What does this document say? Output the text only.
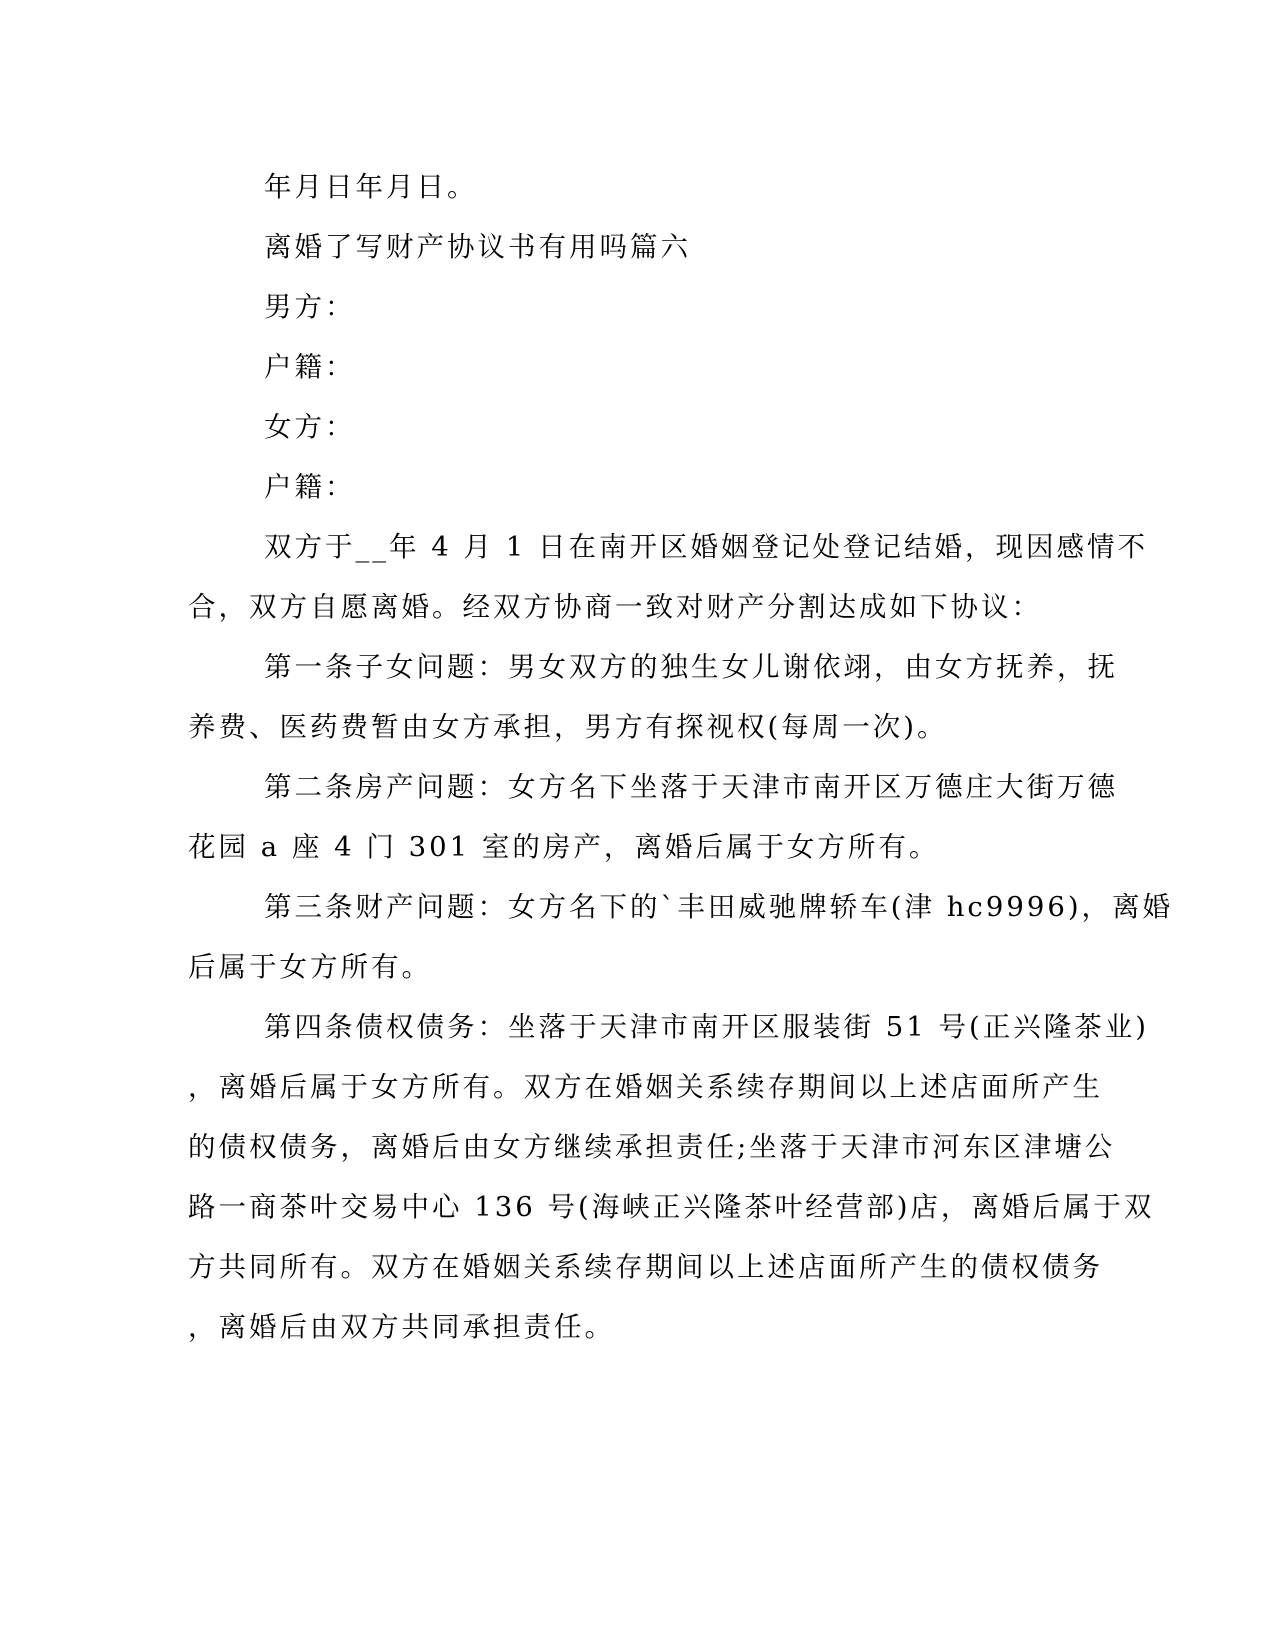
年月日年月日。
离婚了写财产协议书有用吗篇六
男方：
户籍：
女方：
户籍：
双方于__年 4 月 1 日在南开区婚姻登记处登记结婚，现因感情不
合，双方自愿离婚。经双方协商一致对财产分割达成如下协议：
第一条子女问题：男女双方的独生女儿谢依翊，由女方抚养，抚
养费、医药费暂由女方承担，男方有探视权(每周一次)。
第二条房产问题：女方名下坐落于天津市南开区万德庄大街万德
花园 a 座 4 门 301 室的房产，离婚后属于女方所有。
第三条财产问题：女方名下的`丰田威驰牌轿车(津 hc9996)，离婚
后属于女方所有。
第四条债权债务：坐落于天津市南开区服装街 51 号(正兴隆茶业)
，离婚后属于女方所有。双方在婚姻关系续存期间以上述店面所产生
的债权债务，离婚后由女方继续承担责任;坐落于天津市河东区津塘公
路一商茶叶交易中心 136 号(海峡正兴隆茶叶经营部)店，离婚后属于双
方共同所有。双方在婚姻关系续存期间以上述店面所产生的债权债务
，离婚后由双方共同承担责任。
